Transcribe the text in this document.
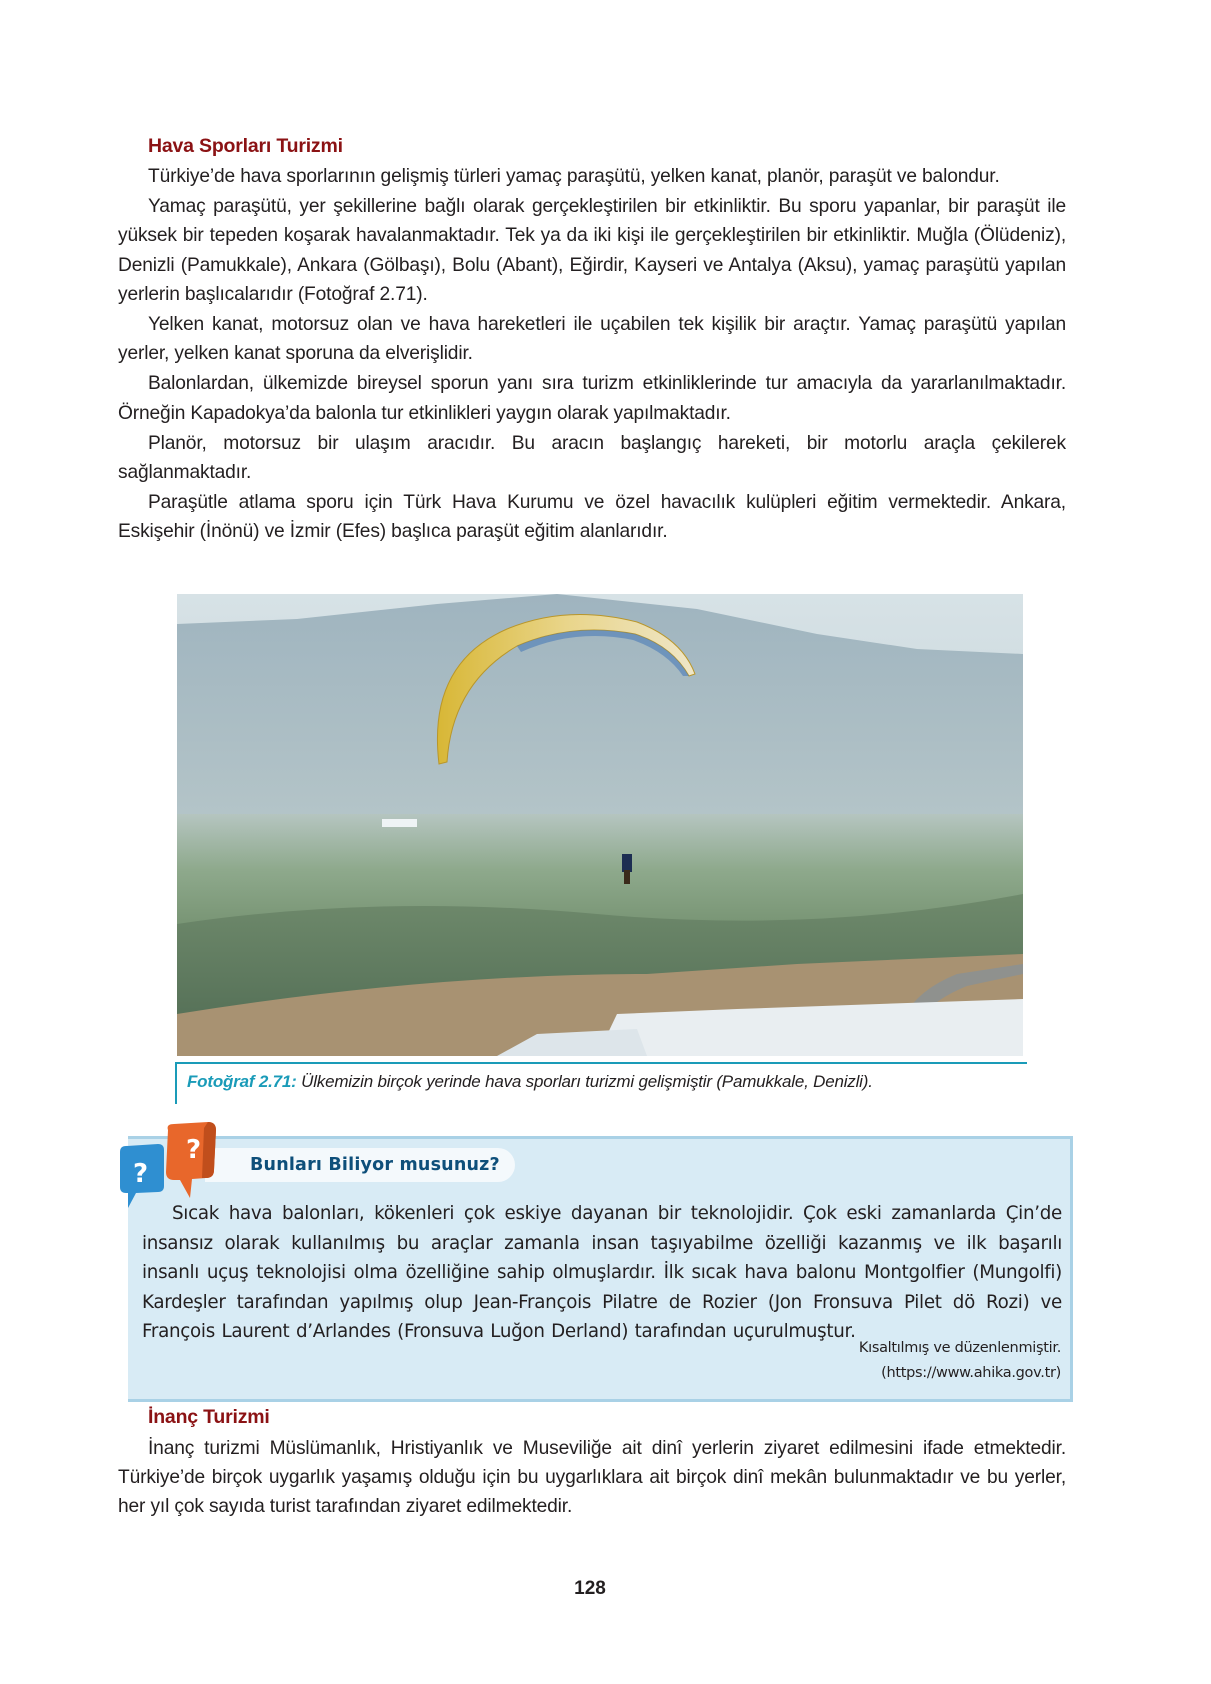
Hava Sporları Turizmi

Türkiye’de hava sporlarının gelişmiş türleri yamaç paraşütü, yelken kanat, planör, paraşüt ve balondur.

Yamaç paraşütü, yer şekillerine bağlı olarak gerçekleştirilen bir etkinliktir. Bu sporu yapanlar, bir paraşüt ile yüksek bir tepeden koşarak havalanmaktadır. Tek ya da iki kişi ile gerçekleştirilen bir etkinliktir. Muğla (Ölüdeniz), Denizli (Pamukkale), Ankara (Gölbaşı), Bolu (Abant), Eğirdir, Kayseri ve Antalya (Aksu), yamaç paraşütü yapılan yerlerin başlıcalarıdır (Fotoğraf 2.71).

Yelken kanat, motorsuz olan ve hava hareketleri ile uçabilen tek kişilik bir araçtır. Yamaç paraşütü yapılan yerler, yelken kanat sporuna da elverişlidir.

Balonlardan, ülkemizde bireysel sporun yanı sıra turizm etkinliklerinde tur amacıyla da yararlanılmaktadır. Örneğin Kapadokya’da balonla tur etkinlikleri yaygın olarak yapılmaktadır.

Planör, motorsuz bir ulaşım aracıdır. Bu aracın başlangıç hareketi, bir motorlu araçla çekilerek sağlanmaktadır.

Paraşütle atlama sporu için Türk Hava Kurumu ve özel havacılık kulüpleri eğitim vermektedir. Ankara, Eskişehir (İnönü) ve İzmir (Efes) başlıca paraşüt eğitim alanlarıdır.

Fotoğraf 2.71: Ülkemizin birçok yerinde hava sporları turizmi gelişmiştir (Pamukkale, Denizli).
?
?	Bunları Biliyor musunuz?

Sıcak hava balonları, kökenleri çok eskiye dayanan bir teknolojidir. Çok eski zamanlarda Çin’de insansız olarak kullanılmış bu araçlar zamanla insan taşıyabilme özelliği kazanmış ve ilk başarılı insanlı uçuş teknolojisi olma özelliğine sahip olmuşlardır. İlk sıcak hava balonu Montgolfier (Mungolfi) Kardeşler tarafından yapılmış olup Jean-François Pilatre de Rozier (Jon Fronsuva Pilet dö Rozi) ve François Laurent d’Arlandes (Fronsuva Luğon Derland) tarafından uçurulmuştur.

Kısaltılmış ve düzenlenmiştir.
(https://www.ahika.gov.tr)
İnanç Turizmi

İnanç turizmi Müslümanlık, Hristiyanlık ve Museviliğe ait dinî yerlerin ziyaret edilmesini ifade etmektedir. Türkiye’de birçok uygarlık yaşamış olduğu için bu uygarlıklara ait birçok dinî mekân bulunmaktadır ve bu yerler, her yıl çok sayıda turist tarafından ziyaret edilmektedir.

128
